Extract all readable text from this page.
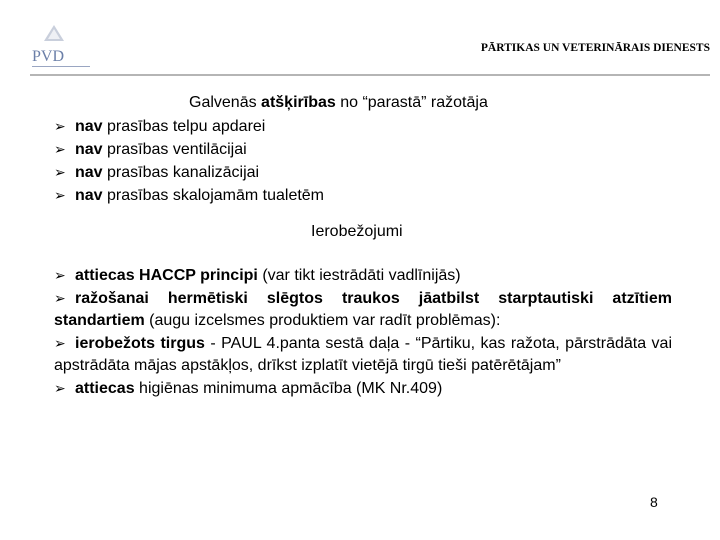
PVD	PĀRTIKAS UN VETERINĀRAIS DIENESTS
Galvenās atšķirības no “parastā” ražotāja
➢ nav prasības telpu apdarei
➢ nav prasības ventilācijai
➢ nav prasības kanalizācijai
➢ nav prasības skalojamām tualetēm
Ierobežojumi

➢ attiecas HACCP principi (var tikt iestrādāti vadlīnijās)

➢ ražošanai hermētiski slēgtos traukos jāatbilst starptautiski atzītiem standartiem (augu izcelsmes produktiem var radīt problēmas):

➢ ierobežots tirgus - PAUL 4.panta sestā daļa - “Pārtiku, kas ražota, pārstrādāta vai apstrādāta mājas apstākļos, drīkst izplatīt vietējā tirgū tieši patērētājam”

➢ attiecas higiēnas minimuma apmācība (MK Nr.409)

8
